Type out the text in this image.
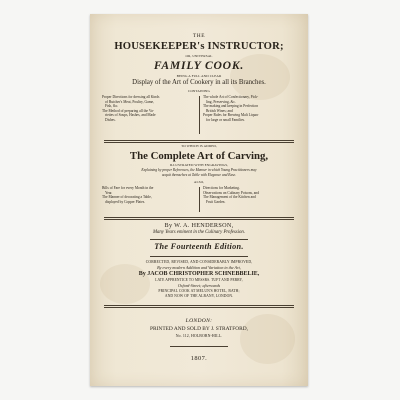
THE
HOUSEKEEPER's INSTRUCTOR;
OR, UNIVERSAL
FAMILY COOK.
BEING A FULL AND CLEAR
Display of the Art of Cookery in all its Branches.
CONTAINING
Proper Directions for dressing all Kinds
of Butcher's Meat, Poultry, Game,
Fish, &c.
The Method of preparing all the Va-
rieties of Soups, Hashes, and Made
Dishes.
The whole Art of Confectionary, Pick-
ling, Preserving, &c.
The making and keeping in Perfection
British Wines; and
Proper Rules for Brewing Malt Liquor
for large or small Families.
TO WHICH IS ADDED,
The Complete Art of Carving,
ILLUSTRATED WITH ENGRAVINGS,
Explaining by proper References, the Manner in which Young Practitioners may
acquit themselves at Table with Elegance and Ease.
ALSO,
Bills of Fare for every Month in the
Year.
The Manner of decorating a Table,
displayed by Copper Plates.
Directions for Marketing.
Observations on Culinary Poisons, and
The Management of the Kitchen and
Fruit Garden.
By W. A. HENDERSON,
Many Years eminent in the Culinary Profession.
The Fourteenth Edition.
CORRECTED, REVISED, AND CONSIDERABLY IMPROVED,
By every modern Addition and Variation in the Art,
By JACOB CHRISTOPHER SCHNEBBELIE,
LATE APPRENTICE TO MESSRS. TUFT AND PERRY,
Oxford-Street; afterwards
PRINCIPAL COOK AT MELUN'S HOTEL, BATH;
AND NOW OF THE ALBANY, LONDON.
LONDON:
PRINTED AND SOLD BY J. STRATFORD,
No. 112, HOLBORN-HILL.
1807.
